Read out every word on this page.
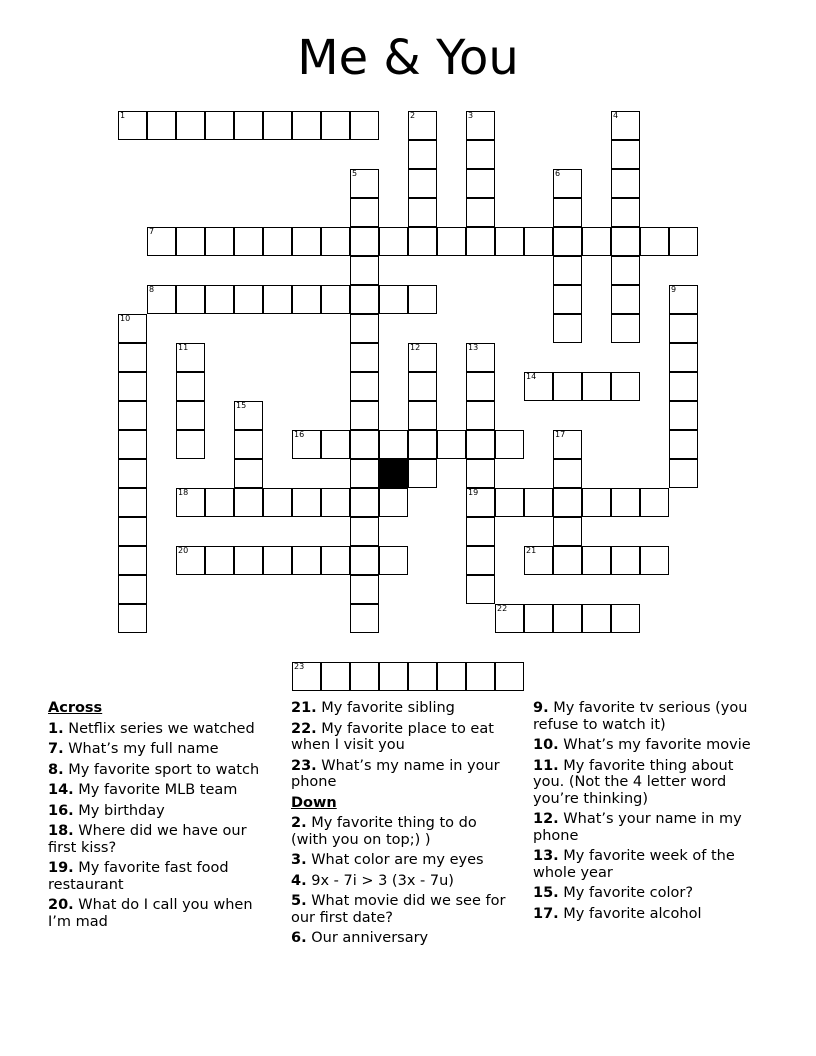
Me & You
1	2	3	4
5	6
7
8	9
10
11	12	13
19
14
15
16	17
18
20	21
22
23
Across
1. Netflix series we watched
7. What’s my full name
8. My favorite sport to watch
14. My favorite MLB team
16. My birthday
18. Where did we have our first kiss?
19. My favorite fast food restaurant
20. What do I call you when I’m mad
21. My favorite sibling
22. My favorite place to eat when I visit you
23. What’s my name in your phone
Down
2. My favorite thing to do (with you on top;) )
3. What color are my eyes
4. 9x - 7i > 3 (3x - 7u)
5. What movie did we see for our first date?
6. Our anniversary
9. My favorite tv serious (you refuse to watch it)
10. What’s my favorite movie
11. My favorite thing about you. (Not the 4 letter word you’re thinking)
12. What’s your name in my phone
13. My favorite week of the whole year
15. My favorite color?
17. My favorite alcohol
